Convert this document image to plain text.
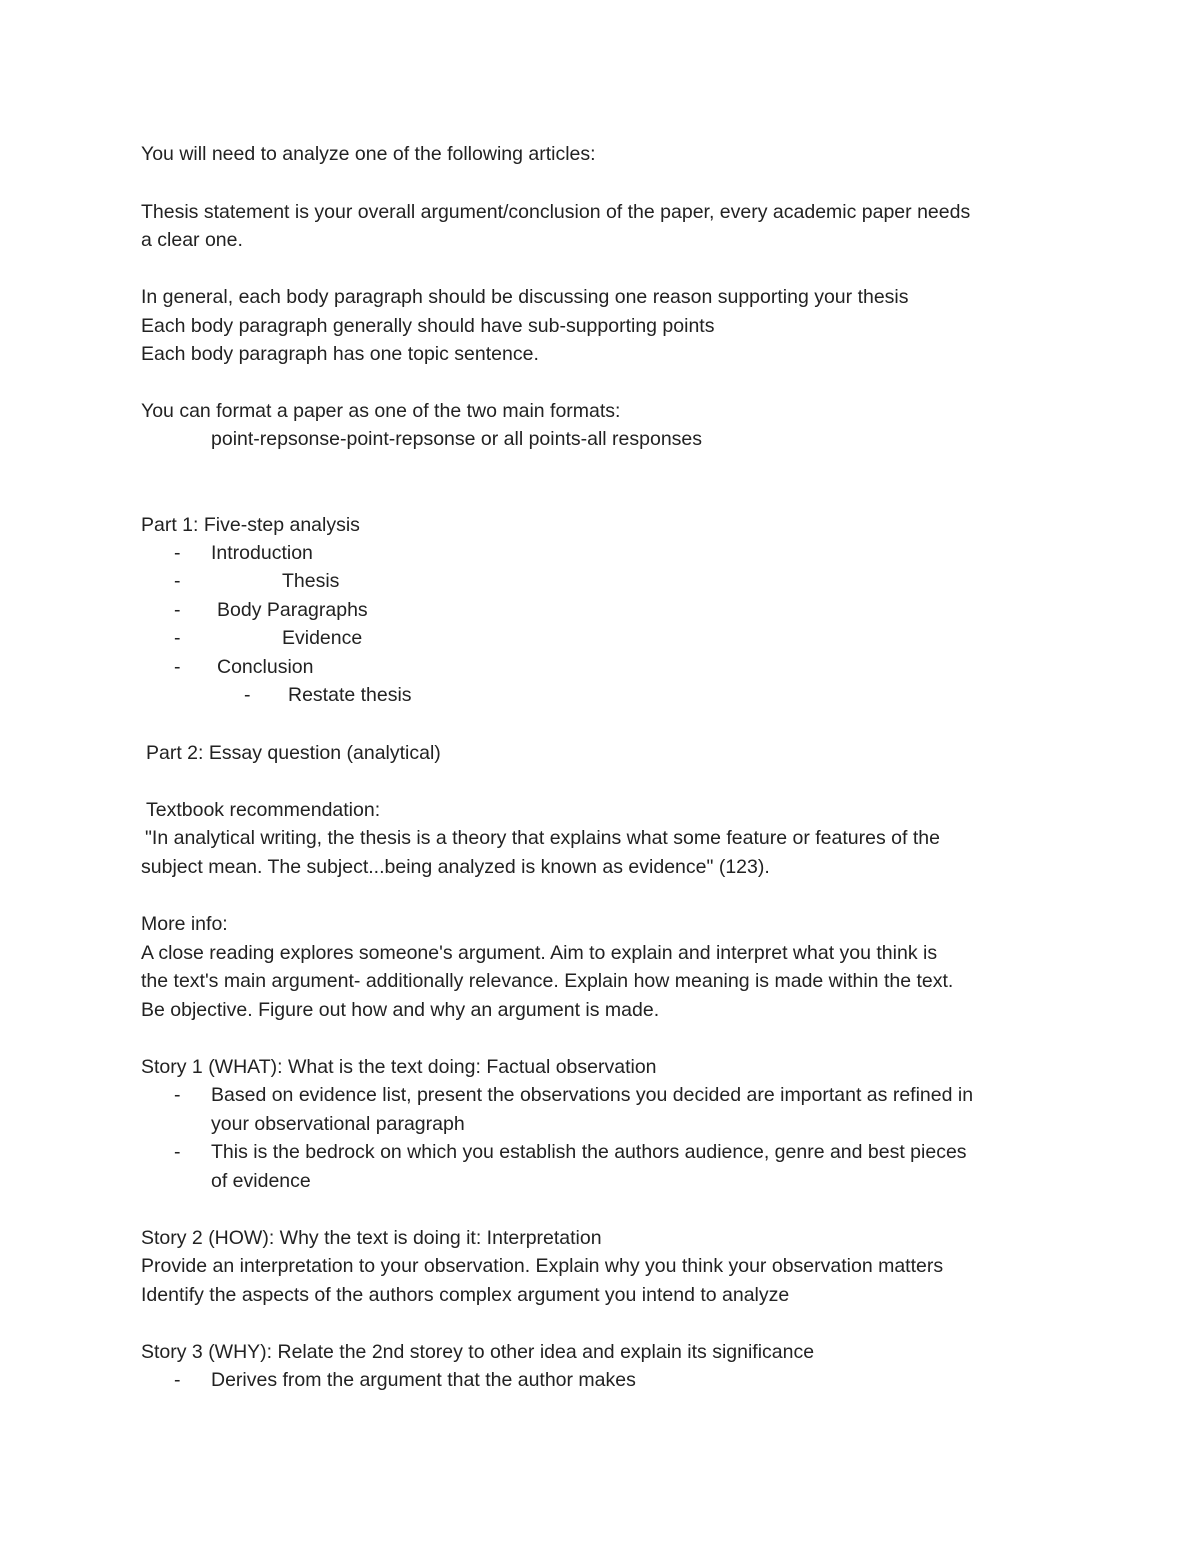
You will need to analyze one of the following articles:
Thesis statement is your overall argument/conclusion of the paper, every academic paper needs
a clear one.
In general, each body paragraph should be discussing one reason supporting your thesis
Each body paragraph generally should have sub-supporting points
Each body paragraph has one topic sentence.
You can format a paper as one of the two main formats:
point-repsonse-point-repsonse or all points-all responses
Part 1: Five-step analysis
- Introduction
-	Thesis
- Body Paragraphs
-	Evidence
- Conclusion
- Restate thesis
Part 2: Essay question (analytical)
Textbook recommendation:
"In analytical writing, the thesis is a theory that explains what some feature or features of the
subject mean. The subject...being analyzed is known as evidence" (123).
More info:
A close reading explores someone's argument. Aim to explain and interpret what you think is
the text's main argument- additionally relevance. Explain how meaning is made within the text.
Be objective. Figure out how and why an argument is made.
Story 1 (WHAT): What is the text doing: Factual observation
- Based on evidence list, present the observations you decided are important as refined in
your observational paragraph
- This is the bedrock on which you establish the authors audience, genre and best pieces
of evidence
Story 2 (HOW): Why the text is doing it: Interpretation
Provide an interpretation to your observation. Explain why you think your observation matters
Identify the aspects of the authors complex argument you intend to analyze
Story 3 (WHY): Relate the 2nd storey to other idea and explain its significance
- Derives from the argument that the author makes
